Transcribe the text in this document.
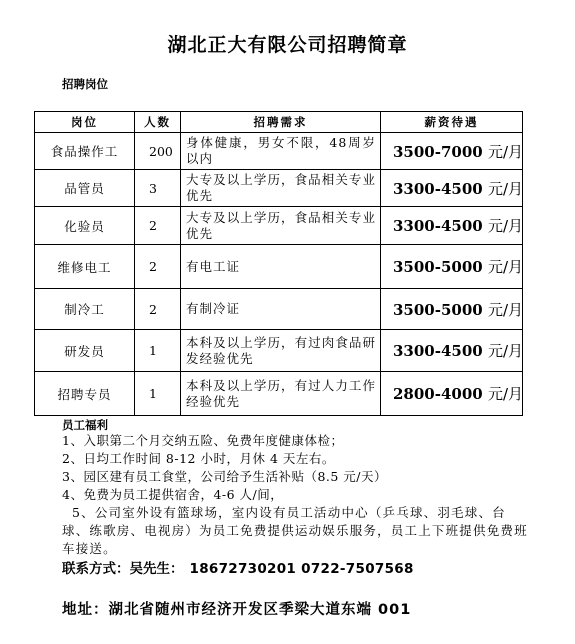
湖北正大有限公司招聘简章
招聘岗位
岗位	人数	招聘需求	薪资待遇
食品操作工	200	身体健康，男女不限，48周岁以内	3500-7000 元/月
品管员	3	大专及以上学历，食品相关专业优先	3300-4500 元/月
化验员	2	大专及以上学历，食品相关专业优先	3300-4500 元/月
维修电工	2	有电工证	3500-5000 元/月
制冷工	2	有制冷证	3500-5000 元/月
研发员	1	本科及以上学历，有过肉食品研发经验优先	3300-4500 元/月
招聘专员	1	本科及以上学历，有过人力工作经验优先	2800-4000 元/月
员工福利
1、入职第二个月交纳五险、免费年度健康体检；
2、日均工作时间 8-12 小时，月休 4 天左右。
3、园区建有员工食堂，公司给予生活补贴（8.5 元/天）
4、免费为员工提供宿舍，4-6 人/间，
5、公司室外设有篮球场，室内设有员工活动中心（乒乓球、羽毛球、台球、练歌房、电视房）为员工免费提供运动娱乐服务，员工上下班提供免费班车接送。
联系方式：吴先生： 18672730201 0722-7507568
地址：湖北省随州市经济开发区季梁大道东端 001
